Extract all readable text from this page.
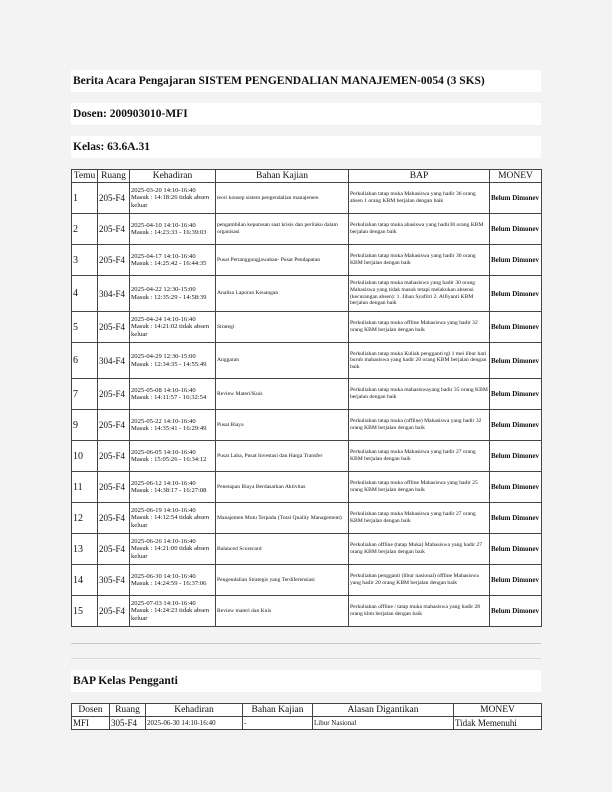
Berita Acara Pengajaran SISTEM PENGENDALIAN MANAJEMEN-0054 (3 SKS)
Dosen: 200903010-MFI
Kelas: 63.6A.31
Temu	Ruang	Kehadiran	Bahan Kajian	BAP	MONEV
1	205-F4	2025-03-20 14:10-16:40 Masuk : 14:18:26 tidak absen keluar	teori konsep sistem pengendalian manajemen	Perkuliahan tatap muka Mahasiswa yang hadir 36 orang absen 1 orang KBM berjalan dengan baik	Belum Dimonev
2	205-F4	2025-04-10 14:10-16:40 Masuk : 14:23:33 - 16:39:03	pengambilan keputusan saat krisis dan perilaku dalam organisasi	Perkuliahan tatap muka ahasiswa yang hadir30 orang KBM berjalan dengan baik	Belum Dimonev
3	205-F4	2025-04-17 14:10-16:40 Masuk : 14:25:42 - 16:44:35	Pusat Pertanggungjawaban- Pusat Pendapatan	Perkuliahan tatap muka Mahasiswa yang hadir 30 orang KBM berjalan dengan baik	Belum Dimonev
4	304-F4	2025-04-22 12:30-15:00 Masuk : 12:35:29 - 14:58:39	Analisa Laporan Keuangan	Perkuliahan tatap muka mahasiswa yang hadir 30 orang Mahasiswa yang tidak masuk tetapi melakukan absensi (kecurangan absen): 1. Jihan Syafitri 2. Alfiyanti KBM berjalan dengan baik	Belum Dimonev
5	205-F4	2025-04-24 14:10-16:40 Masuk : 14:21:02 tidak absen keluar	Strategi	Perkuliahan tatap muka offline Mahasiswa yang hadir 32 orang KBM berjalan dengan baik	Belum Dimonev
6	304-F4	2025-04-29 12:30-15:00 Masuk : 12:34:35 - 14:55:49	Anggaran	Perkuliahan tatap muka Kuliah pengganti tgl 1 mei libur hari buruh mahasiswa yang hadir 20 orang KBM berjalan dengan baik	Belum Dimonev
7	205-F4	2025-05-08 14:10-16:40 Masuk : 14:11:57 - 16:32:54	Review Materi/Kuis	Perkuliahan tatap muka mahasiswayang hadir 35 orang KBM berjalan dengan baik	Belum Dimonev
9	205-F4	2025-05-22 14:10-16:40 Masuk : 14:35:41 - 16:29:49	Pusat Biaya	Perkuliahan tatap muka (offline) Mahasiswa yang hadir 32 orang KBM berjalan dengan baik	Belum Dimonev
10	205-F4	2025-06-05 14:10-16:40 Masuk : 15:05:26 - 16:34:12	Pusat Laba, Pusat Investasi dan Harga Transfer	Perkuliahan tatap muka Mahasiswa yang hadir 27 orang KBM berjalan dengan baik	Belum Dimonev
11	205-F4	2025-06-12 14:10-16:40 Masuk : 14:38:17 - 16:27:08	Penetapan Biaya Berdasarkan Aktivitas	Perkuliahan tatap muka offline Mahasiswa yang hadir 25 orang KBM berjalan dengan baik	Belum Dimonev
12	205-F4	2025-06-19 14:10-16:40 Masuk : 14:12:54 tidak absen keluar	Manajemen Mutu Terpadu (Total Quality Management)	Perkuliahan tatap muka Mahasiswa yang hadir 27 orang KBM berjalan dengan baik	Belum Dimonev
13	205-F4	2025-06-26 14:10-16:40 Masuk : 14:21:00 tidak absen keluar	Balanced Scorecard	Perkuliahan offline (tatap Muka) Mahasiswa yang hadir 27 orang KBM berjalan dengan baik	Belum Dimonev
14	305-F4	2025-06-30 14:10-16:40 Masuk : 14:24:59 - 16:37:06	Pengendalian Strategis yang Terdiferensiasi	Perkuliahan pengganti (libur nasional) offline Mahasiswa yang hadir 20 orang KBM berjalan dengan baik	Belum Dimonev
15	205-F4	2025-07-03 14:10-16:40 Masuk : 14:24:23 tidak absen keluar	Review materi dan Kuis	Perkuliahan offline / tatap muka mahasiswa yang hadir 28 orang kbm berjalan dengan baik	Belum Dimonev
BAP Kelas Pengganti
Dosen	Ruang	Kehadiran	Bahan Kajian	Alasan Digantikan	MONEV
MFI	305-F4	2025-06-30 14:10-16:40	-	Libur Nasional	Tidak Memenuhi
